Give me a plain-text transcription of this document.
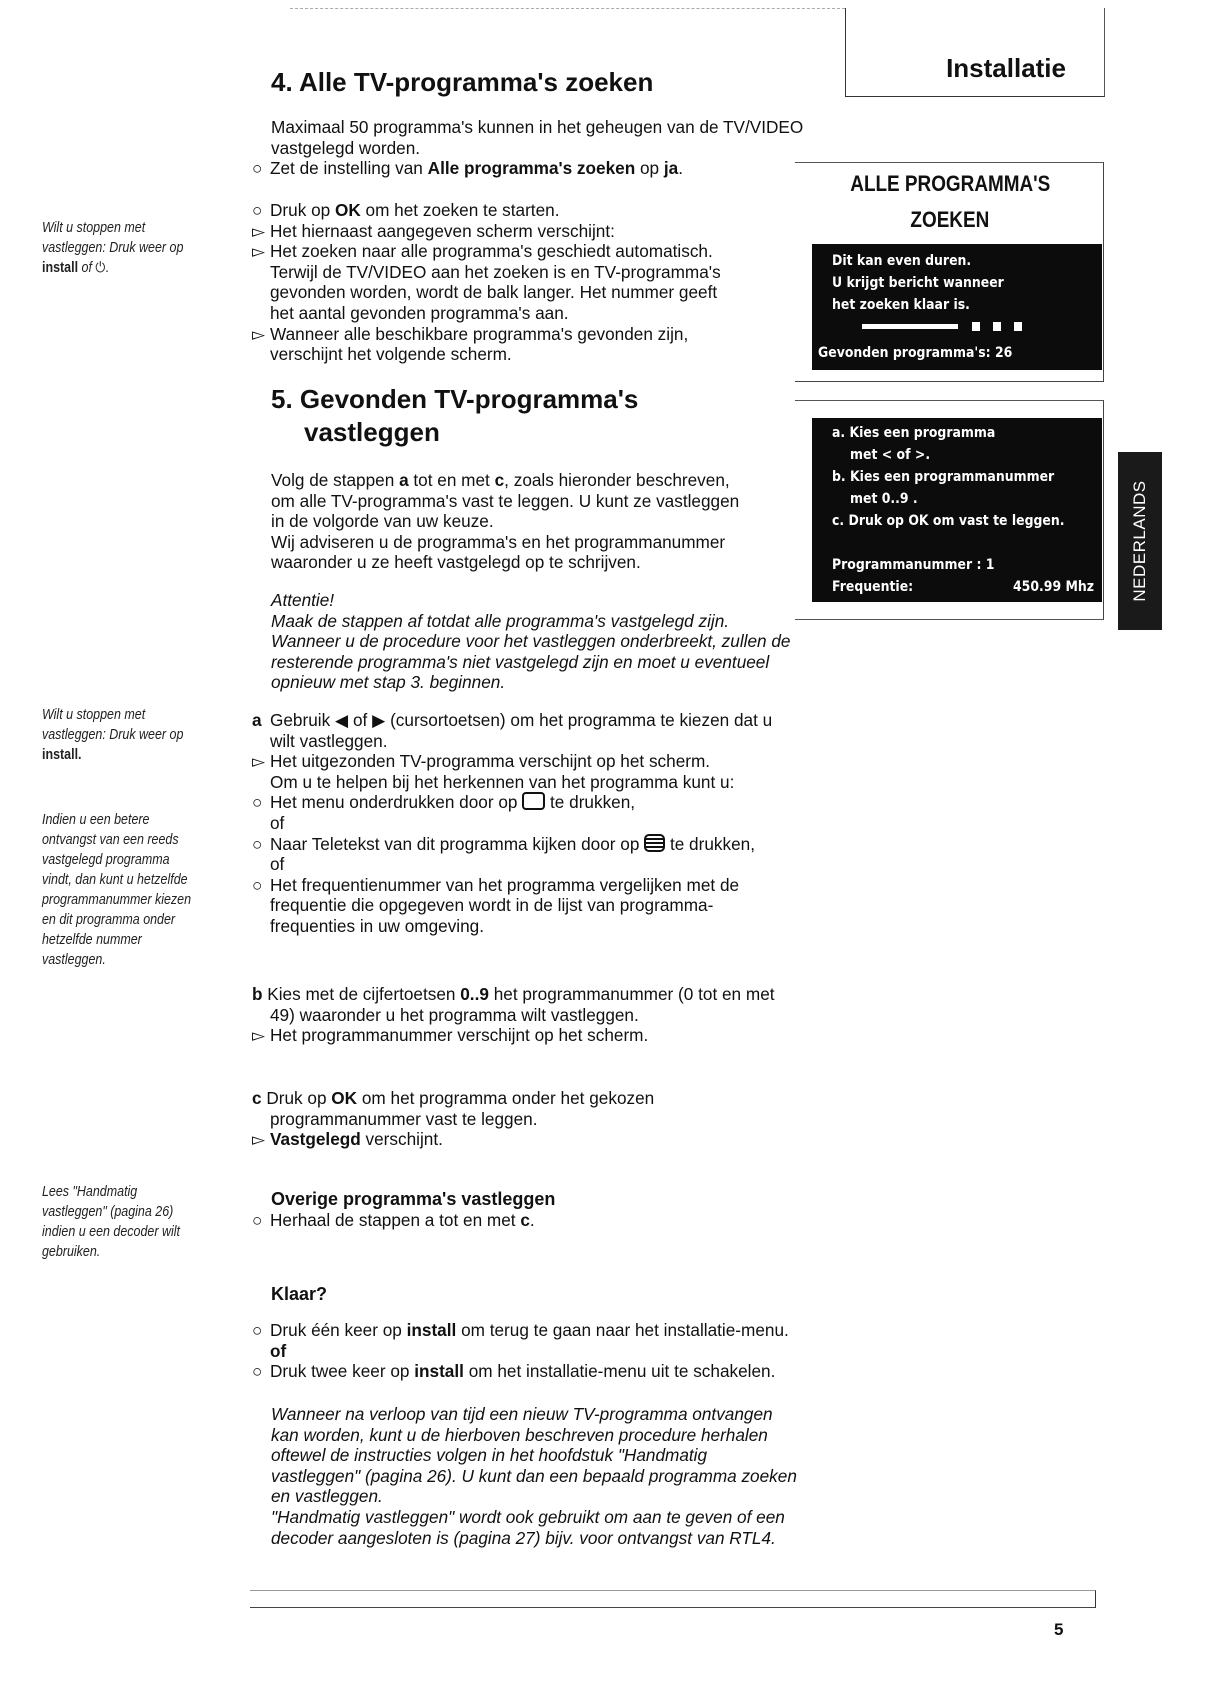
Installatie
4. Alle TV-programma's zoeken

Maximaal 50 programma's kunnen in het geheugen van de TV/VIDEO

vastgelegd worden.

○ Zet de instelling van Alle programma's zoeken op ja.

○ Druk op OK om het zoeken te starten.

▻ Het hiernaast aangegeven scherm verschijnt:

▻ Het zoeken naar alle programma's geschiedt automatisch.
Terwijl de TV/VIDEO aan het zoeken is en TV-programma's
gevonden worden, wordt de balk langer. Het nummer geeft
het aantal gevonden programma's aan.

▻ Wanneer alle beschikbare programma's gevonden zijn,
verschijnt het volgende scherm.

ALLE PROGRAMMA'S
ZOEKEN
Dit kan even duren.
U krijgt bericht wanneer
het zoeken klaar is.
Gevonden programma's: 26
5. Gevonden TV-programma's
vastleggen

Volg de stappen a tot en met c, zoals hieronder beschreven,

om alle TV-programma's vast te leggen. U kunt ze vastleggen

in de volgorde van uw keuze.

Wij adviseren u de programma's en het programmanummer

waaronder u ze heeft vastgelegd op te schrijven.

Attentie!

Maak de stappen af totdat alle programma's vastgelegd zijn.

Wanneer u de procedure voor het vastleggen onderbreekt, zullen de

resterende programma's niet vastgelegd zijn en moet u eventueel

opnieuw met stap 3. beginnen.

a. Kies een programma
met < of >.
b. Kies een programmanummer
met 0..9 .
c. Druk op OK om vast te leggen.
Programmanummer : 1
Frequentie:	450.99 Mhz NEDERLANDS

a Gebruik ◀ of ▶ (cursortoetsen) om het programma te kiezen dat u
wilt vastleggen.

▻ Het uitgezonden TV-programma verschijnt op het scherm.
Om u te helpen bij het herkennen van het programma kunt u:

○ Het menu onderdrukken door op  te drukken,
of

○ Naar Teletekst van dit programma kijken door op  te drukken,
of

○ Het frequentienummer van het programma vergelijken met de
frequentie die opgegeven wordt in de lijst van programma-
frequenties in uw omgeving.

b Kies met de cijfertoetsen 0..9 het programmanummer (0 tot en met

49) waaronder u het programma wilt vastleggen.

▻ Het programmanummer verschijnt op het scherm.

c Druk op OK om het programma onder het gekozen

programmanummer vast te leggen.

▻ Vastgelegd verschijnt.

Overige programma's vastleggen

○ Herhaal de stappen a tot en met c.

Klaar?

○ Druk één keer op install om terug te gaan naar het installatie-menu.
of

○ Druk twee keer op install om het installatie-menu uit te schakelen.

Wanneer na verloop van tijd een nieuw TV-programma ontvangen

kan worden, kunt u de hierboven beschreven procedure herhalen

oftewel de instructies volgen in het hoofdstuk "Handmatig

vastleggen" (pagina 26). U kunt dan een bepaald programma zoeken

en vastleggen.

"Handmatig vastleggen" wordt ook gebruikt om aan te geven of een

decoder aangesloten is (pagina 27) bijv. voor ontvangst van RTL4.

Wilt u stoppen met
vastleggen: Druk weer op
install of ⏻.
Wilt u stoppen met
vastleggen: Druk weer op
install.
Indien u een betere
ontvangst van een reeds
vastgelegd programma
vindt, dan kunt u hetzelfde
programmanummer kiezen
en dit programma onder
hetzelfde nummer
vastleggen.
Lees "Handmatig
vastleggen" (pagina 26)
indien u een decoder wilt
gebruiken.
5
